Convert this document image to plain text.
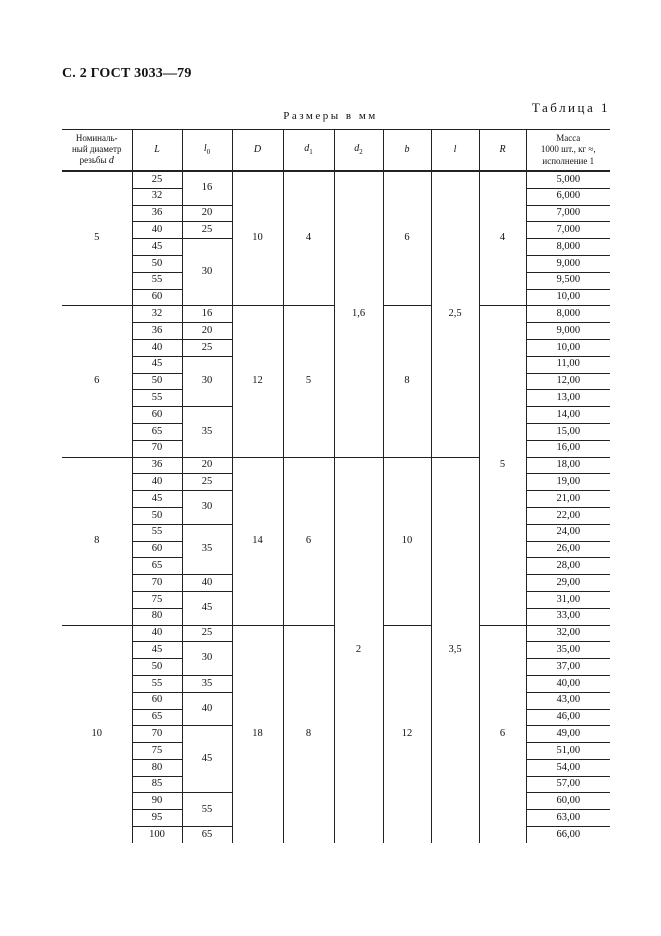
С. 2 ГОСТ 3033—79
Таблица 1
Размеры в мм
Номиналь-
ный диаметр
резьбы d	L	$l_0$	D	$d_1$	$d_2$	b	l	R	Масса
1000 шт., кг ≈,
исполнение 1
5	25	16	10	4	1,6	6	2,5	4	5,000
	32								6,000
	36	20							7,000
	40	25							7,000
	45	30							8,000
	50								9,000
	55								9,500
	60								10,00
6	32	16	12	5		8		5	8,000
	36	20							9,000
	40	25							10,00
	45	30							11,00
	50								12,00
	55								13,00
	60	35							14,00
	65								15,00
	70								16,00
8	36	20	14	6	2	10	3,5		18,00
	40	25							19,00
	45	30							21,00
	50								22,00
	55	35							24,00
	60								26,00
	65								28,00
	70	40							29,00
	75	45							31,00
	80								33,00
10	40	25	18	8		12		6	32,00
	45	30							35,00
	50								37,00
	55	35							40,00
	60	40							43,00
	65								46,00
	70	45							49,00
	75								51,00
	80								54,00
	85								57,00
	90	55							60,00
	95								63,00
	100	65							66,00
